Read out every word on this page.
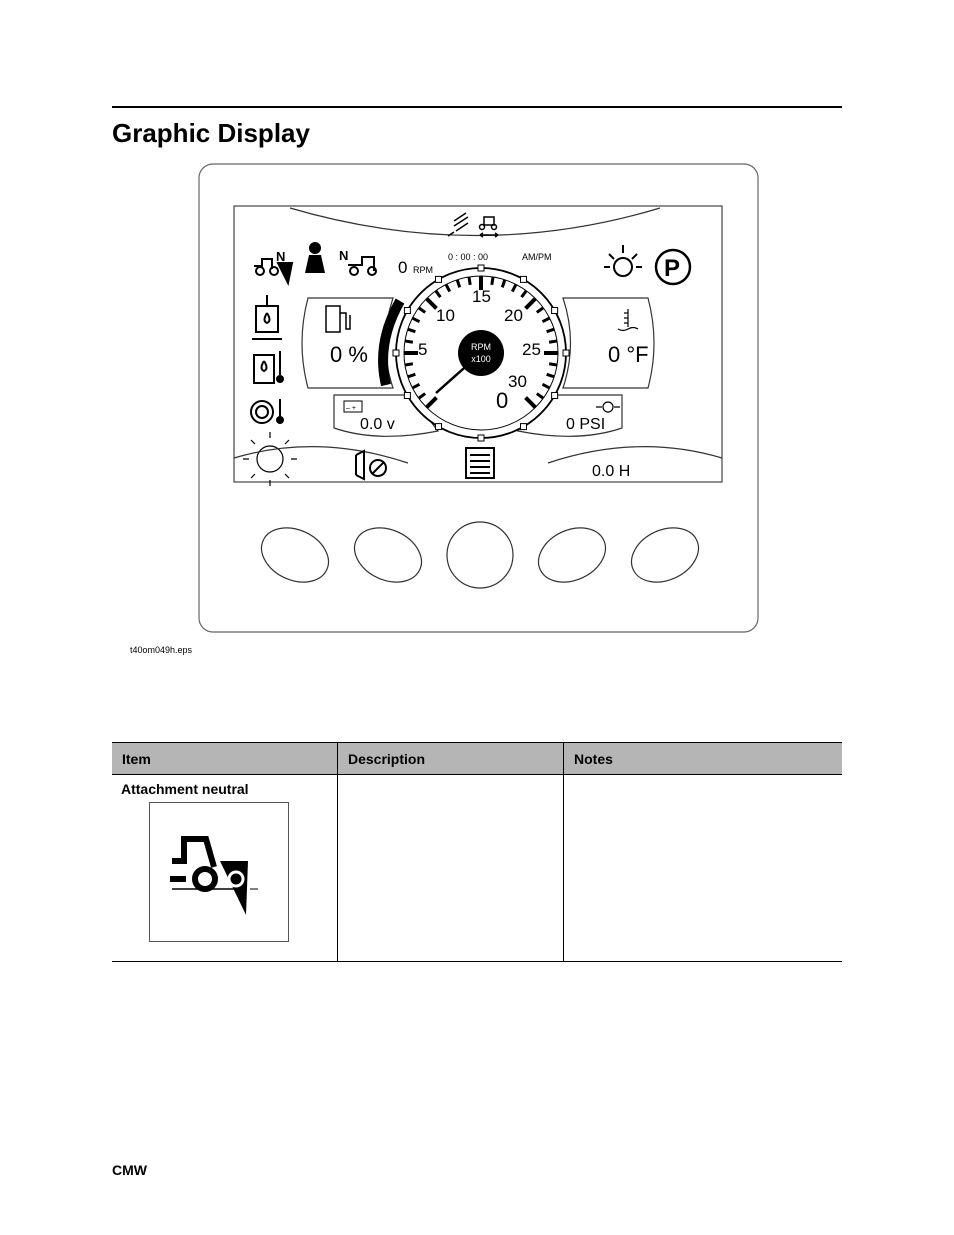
Graphic Display
0 : 00 : 00	AM/PM
0 RPM
N	N	P
0 %	0 °F
– +
0.0 v	0 PSI
15
10	20
5	25
30
RPM
x100
0
0.0 H
t40om049h.eps
Item	Description	Notes

Attachment neutral		

CMW
